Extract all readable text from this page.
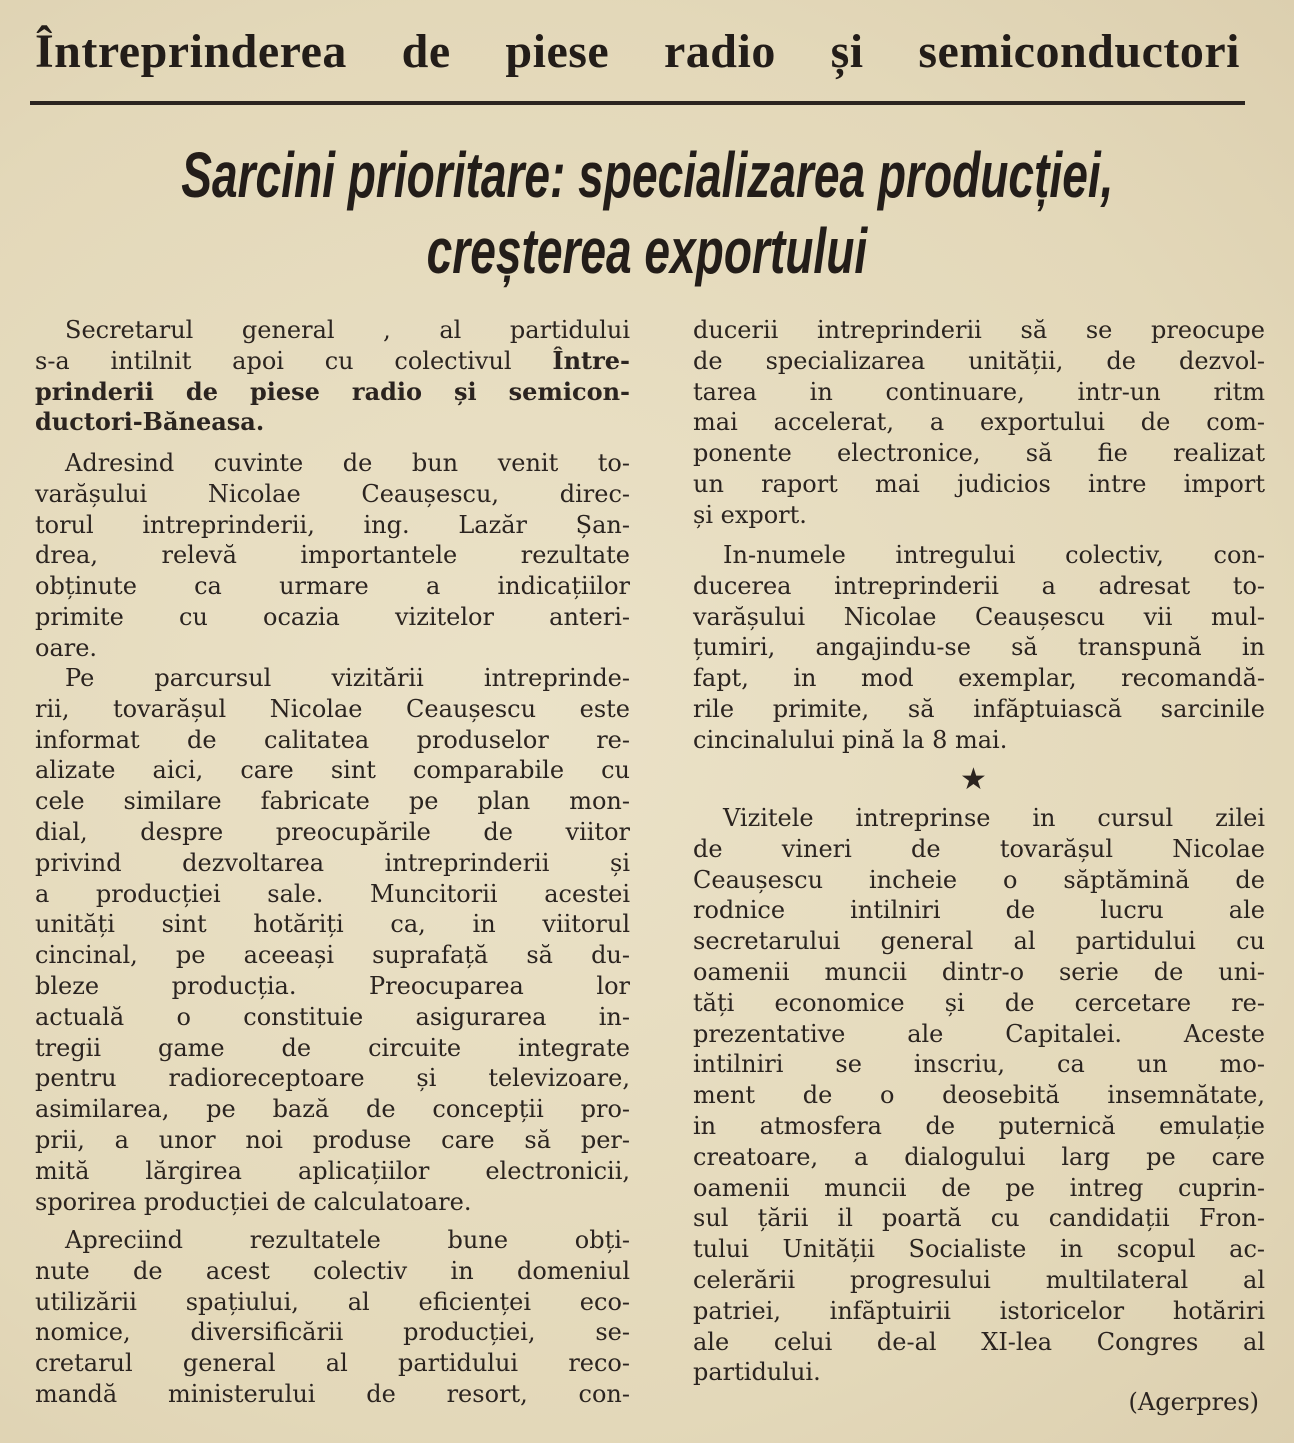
Întreprinderea de piese radio și semiconductori
Sarcini prioritare: specializarea producției,
creșterea exportului
Secretarul general , al partidului
s-a intilnit apoi cu colectivul Între-
prinderii de piese radio și semicon-
ductori-Băneasa.
Adresind cuvinte de bun venit to-
varășului Nicolae Ceaușescu, direc-
torul intreprinderii, ing. Lazăr Șan-
drea, relevă importantele rezultate
obținute ca urmare a indicațiilor
primite cu ocazia vizitelor anteri-
oare.
Pe parcursul vizitării intreprinde-
rii, tovarășul Nicolae Ceaușescu este
informat de calitatea produselor re-
alizate aici, care sint comparabile cu
cele similare fabricate pe plan mon-
dial, despre preocupările de viitor
privind dezvoltarea intreprinderii și
a producției sale. Muncitorii acestei
unități sint hotăriți ca, in viitorul
cincinal, pe aceeași suprafață să du-
bleze producția. Preocuparea lor
actuală o constituie asigurarea in-
tregii game de circuite integrate
pentru radioreceptoare și televizoare,
asimilarea, pe bază de concepții pro-
prii, a unor noi produse care să per-
mită lărgirea aplicațiilor electronicii,
sporirea producției de calculatoare.
Apreciind rezultatele bune obți-
nute de acest colectiv in domeniul
utilizării spațiului, al eficienței eco-
nomice, diversificării producției, se-
cretarul general al partidului reco-
mandă ministerului de resort, con-
ducerii intreprinderii să se preocupe
de specializarea unității, de dezvol-
tarea in continuare, intr-un ritm
mai accelerat, a exportului de com-
ponente electronice, să fie realizat
un raport mai judicios intre import
și export.
In-numele intregului colectiv, con-
ducerea intreprinderii a adresat to-
varășului Nicolae Ceaușescu vii mul-
țumiri, angajindu-se să transpună in
fapt, in mod exemplar, recomandă-
rile primite, să infăptuiască sarcinile
cincinalului pină la 8 mai.
★
Vizitele intreprinse in cursul zilei
de vineri de tovarășul Nicolae
Ceaușescu incheie o săptămină de
rodnice intilniri de lucru ale
secretarului general al partidului cu
oamenii muncii dintr-o serie de uni-
tăți economice și de cercetare re-
prezentative ale Capitalei. Aceste
intilniri se inscriu, ca un mo-
ment de o deosebită insemnătate,
in atmosfera de puternică emulație
creatoare, a dialogului larg pe care
oamenii muncii de pe intreg cuprin-
sul țării il poartă cu candidații Fron-
tului Unității Socialiste in scopul ac-
celerării progresului multilateral al
patriei, infăptuirii istoricelor hotăriri
ale celui de-al XI-lea Congres al
partidului.
(Agerpres)
